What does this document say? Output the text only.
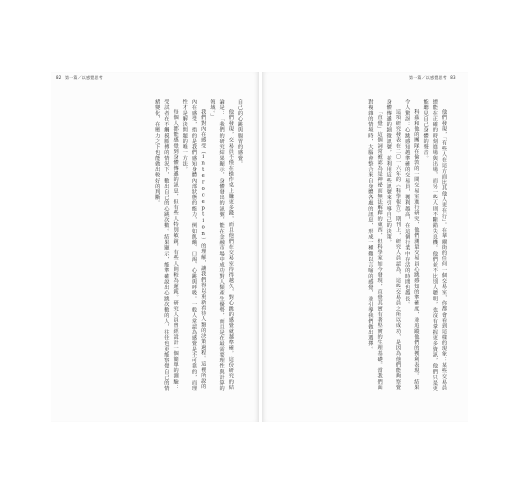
82 第一篇／以感覺思考	第一篇／以感覺思考 83

自己的心跳與腸胃的感覺。

他們發現，交易員不僅在操作桌上賺更多錢，而且他們在交易室待得越久，對心跳的感覺就越準確。這份研究的結論是：「我們的研究結果顯示，身體發出的訊號，能在金融市場中成功對人類產生優勢，而且是在最需要理性與計算的領域。」

我們對內在感受（interoception）的理解，讓我們得以重新看待人類的決策過程。這裡所說的內在感受，指的是我們感知身體內部狀態的能力，例如飢餓、口渴、心跳與呼吸。一般人常認為感覺是不可靠的，而理性才是解決問題的唯一方法。

每個人都能感覺到身體傳遞的訊息，但有些人特別敏銳，有些人則較為遲鈍。研究人員曾經設計一個簡單的測驗：受試者在不觸摸脈搏的情況下，數出自己的心跳次數。結果顯示，能準確說出心跳次數的人，往往也更能察覺自己的情緒變化，在壓力之下也能做出較好的判斷。	他們發現，「有些人在這方面比其他人更在行」。在華爾街的任何一個交易室，你都會看到這樣的現象：某些交易員總能在正確的時刻進場與出場，而另一些人則不斷錯失良機。他們並不比別人聰明，也沒有掌握更多資訊，他們只是更能聽見自己身體的聲音。

科茲和他的團隊在倫敦的一間交易室進行研究，他們測量交易員心跳感知的準確度，並追蹤他們的獲利表現。結果令人驚訝：心跳感知越準確的交易員，獲利越高，在這個行業中存活的時間也越長。

這項研究發表在二〇一六年的《科學報告》期刊上，研究人員認為，這些交易員之所以成功，是因為他們能夠察覺身體傳遞的細微訊號，並利用這些訊號來引導自己的決策。

「直覺」這個詞常被認為是神祕而無法解釋的東西，但科學家如今發現，直覺其實有著堅實的生理基礎。當我們面對複雜的情境時，大腦會整合來自身體各處的訊息，形成一種難以言喻的感覺，並引導我們做出選擇。
